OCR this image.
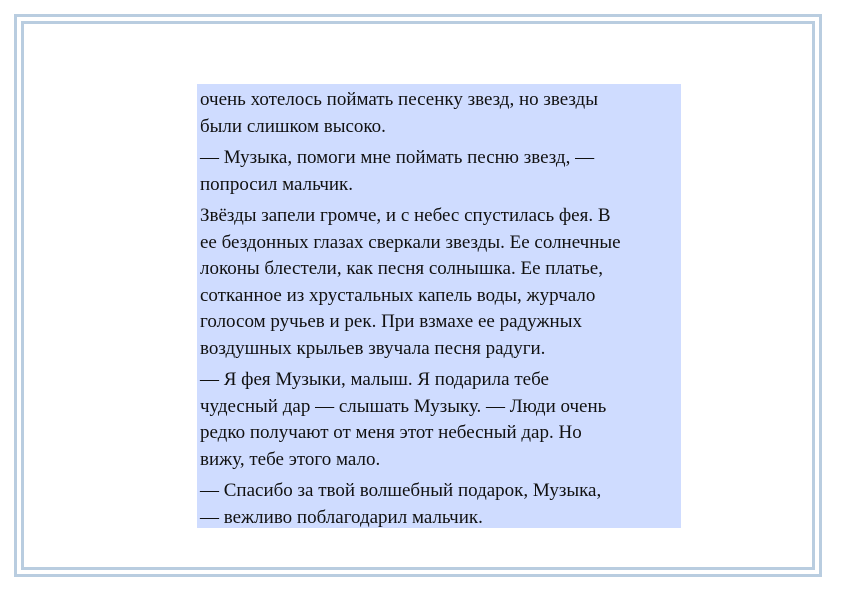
очень хотелось поймать песенку звезд, но звезды
были слишком высоко.

— Музыка, помоги мне поймать песню звезд, —
попросил мальчик.

Звёзды запели громче, и с небес спустилась фея. В
ее бездонных глазах сверкали звезды. Ее солнечные
локоны блестели, как песня солнышка. Ее платье,
сотканное из хрустальных капель воды, журчало
голосом ручьев и рек. При взмахе ее радужных
воздушных крыльев звучала песня радуги.

— Я фея Музыки, малыш. Я подарила тебе
чудесный дар — слышать Музыку. — Люди очень
редко получают от меня этот небесный дар. Но
вижу, тебе этого мало.

— Спасибо за твой волшебный подарок, Музыка,
— вежливо поблагодарил мальчик.
